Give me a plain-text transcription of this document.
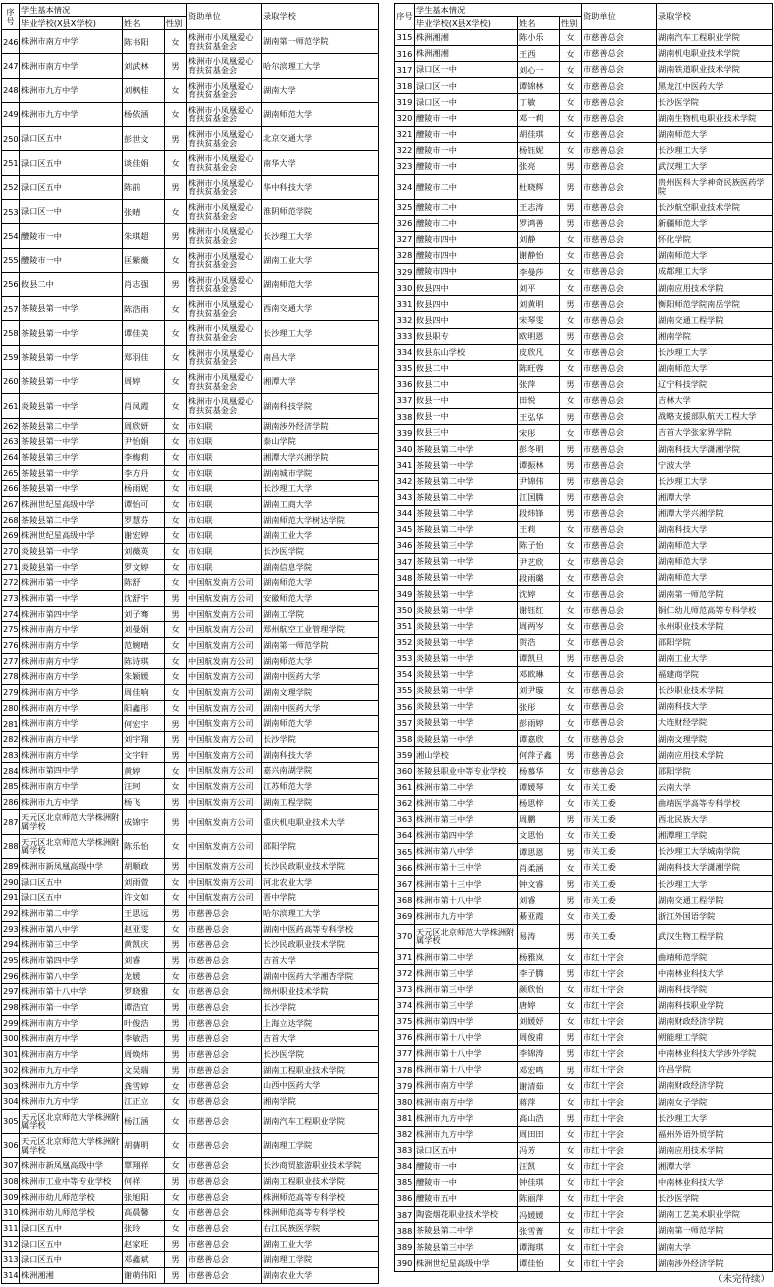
序号	学生基本情况			资助单位	录取学校
	毕业学校(X县X学校)	姓名	性别		
246	株洲市南方中学	陈书阳	女	株洲市小凤凰爱心育扶贫基金会	湖南第一师范学院
247	株洲市南方中学	刘武林	男	株洲市小凤凰爱心育扶贫基金会	哈尔滨理工大学
248	株洲市九方中学	刘枫桂	女	株洲市小凤凰爱心育扶贫基金会	湖南大学
249	株洲市九方中学	杨依涵	女	株洲市小凤凰爱心育扶贫基金会	湖南师范大学
250	渌口区五中	彭世文	男	株洲市小凤凰爱心育扶贫基金会	北京交通大学
251	渌口区五中	谈佳娟	女	株洲市小凤凰爱心育扶贫基金会	南华大学
252	渌口区五中	陈前	男	株洲市小凤凰爱心育扶贫基金会	华中科技大学
253	渌口区一中	张晴	女	株洲市小凤凰爱心育扶贫基金会	淮阴师范学院
254	醴陵市一中	朱琪超	男	株洲市小凤凰爱心育扶贫基金会	长沙理工大学
255	醴陵市一中	匡紫薇	女	株洲市小凤凰爱心育扶贫基金会	湖南工业大学
256	攸县二中	肖志强	男	株洲市小凤凰爱心育扶贫基金会	湖南师范大学
257	茶陵县第一中学	陈浩雨	女	株洲市小凤凰爱心育扶贫基金会	西南交通大学
258	茶陵县第一中学	谭佳美	女	株洲市小凤凰爱心育扶贫基金会	长沙理工大学
259	茶陵县第一中学	郑羽佳	女	株洲市小凤凰爱心育扶贫基金会	南昌大学
260	茶陵县第一中学	周婷	女	株洲市小凤凰爱心育扶贫基金会	湘潭大学
261	炎陵县第一中学	肖凤霞	女	株洲市小凤凰爱心育扶贫基金会	湖南科技学院
262	茶陵县第二中学	周欣妍	女	市妇联	湖南涉外经济学院
263	茶陵县第一中学	尹怡娟	女	市妇联	泰山学院
264	茶陵县第三中学	李梅莉	女	市妇联	湘潭大学兴湘学院
265	茶陵县第一中学	李方丹	女	市妇联	湖南城市学院
266	茶陵县第一中学	杨雨妮	女	市妇联	长沙理工大学
267	株洲世纪星高级中学	谭怡可	女	市妇联	湖南工商大学
268	茶陵县第二中学	罗慧芬	女	市妇联	湖南师范大学树达学院
269	株洲世纪星高级中学	谢宏婷	女	市妇联	湖南工业大学
270	炎陵县第一中学	刘薇英	女	市妇联	长沙医学院
271	炎陵县第一中学	罗文婷	女	市妇联	湖南信息学院
272	株洲市第一中学	陈舒	女	中国航发南方公司	湖南师范大学
273	株洲市第一中学	沈舒宇	男	中国航发南方公司	安徽师范大学
274	株洲市第四中学	刘子骞	男	中国航发南方公司	湖南工学院
275	株洲市南方中学	刘曼娟	女	中国航发南方公司	郑州航空工业管理学院
276	株洲市南方中学	范婉晴	女	中国航发南方公司	湖南第一师范学院
277	株洲市南方中学	陈诗琪	女	中国航发南方公司	湖南师范大学
278	株洲市南方中学	朱颖媛	女	中国航发南方公司	湖南中医药大学
279	株洲市南方中学	周佳响	女	中国航发南方公司	湖南文理学院
280	株洲市南方中学	阳鑫彤	女	中国航发南方公司	湖南中医药大学
281	株洲市南方中学	何宏宇	男	中国航发南方公司	湖南师范大学
282	株洲市南方中学	刘宇翔	男	中国航发南方公司	长沙学院
283	株洲市南方中学	文宇轩	男	中国航发南方公司	湖南科技大学
284	株洲市第四中学	黄婷	女	中国航发南方公司	嘉兴南湖学院
285	株洲市南方中学	汪珂	女	中国航发南方公司	江苏师范大学
286	株洲市九方中学	杨飞	男	中国航发南方公司	湖南工程学院
287	天元区北京师范大学株洲附属学校	成锦宇	男	中国航发南方公司	重庆机电职业技术大学
288	天元区北京师范大学株洲附属学校	陈乐怡	女	中国航发南方公司	邵阳学院
289	株洲市新凤凰高级中学	胡顺政	男	中国航发南方公司	长沙民政职业技术学院
290	渌口区五中	刘雨萱	女	中国航发南方公司	河北农业大学
291	渌口区五中	许文如	女	中国航发南方公司	晋中学院
292	株洲市第二中学	王思远	男	市慈善总会	哈尔滨理工大学
293	株洲市第八中学	赵亚雯	女	市慈善总会	湖南中医药高等专科学校
294	株洲市第三中学	黄凯庆	男	市慈善总会	长沙民政职业技术学院
295	株洲市第四中学	刘睿	男	市慈善总会	吉首大学
296	株洲市第八中学	龙媛	女	市慈善总会	湖南中医药大学湘杏学院
297	株洲市第十八中学	罗晓雅	女	市慈善总会	绵州职业技术学院
298	株洲市第一中学	谭浩宜	男	市慈善总会	长沙学院
299	株洲市南方中学	叶俊浩	男	市慈善总会	上海立达学院
300	株洲市南方中学	李敏浩	男	市慈善总会	吉首大学
301	株洲市南方中学	周焕炜	男	市慈善总会	长沙医学院
302	株洲市九方中学	文吴瑞	男	市慈善总会	湖南工程职业技术学院
303	株洲市九方中学	龚雪婷	女	市慈善总会	山西中医药大学
304	株洲市九方中学	江正立	女	市慈善总会	湘南学院
305	天元区北京师范大学株洲附属学校	杨江涵	女	市慈善总会	湖南汽车工程职业学院
306	天元区北京师范大学株洲附属学校	胡蒨明	女	市慈善总会	湖南理工学院
307	株洲市新凤凰高级中学	覃翔祥	女	市慈善总会	长沙商贸旅游职业技术学院
308	株洲市工业中等专业学校	何祥	男	市慈善总会	湖南工程职业技术学院
309	株洲市幼儿师范学校	张旭阳	女	市慈善总会	株洲师范高等专科学校
310	株洲市幼儿师范学校	高晨馨	女	市慈善总会	株洲师范高等专科学校
311	渌口区五中	张玲	女	市慈善总会	右江民族医学院
312	渌口区五中	赵家旺	男	市慈善总会	湖南工业大学
313	渌口区五中	邓鑫斌	男	市慈善总会	湖南理工学院
314	株洲湘湘	谢萌伟阳	男	市慈善总会	湖南农业大学
序号	学生基本情况			资助单位	录取学校
	毕业学校(X县X学校)	姓名	性别		
315	株洲湘湘	陈小乐	女	市慈善总会	湖南汽车工程职业学院
316	株洲湘湘	王西	女	市慈善总会	湖南机电职业技术学院
317	渌口区一中	刘心一	女	市慈善总会	湖南铁道职业技术学院
318	渌口区一中	谭锦林	女	市慈善总会	黑龙江中医药大学
319	渌口区一中	丁敏	女	市慈善总会	长沙医学院
320	醴陵市一中	邓一莉	女	市慈善总会	湖南生物机电职业技术学院
321	醴陵市一中	胡佳琪	女	市慈善总会	湖南师范大学
322	醴陵市一中	杨钰妮	女	市慈善总会	长沙理工大学
323	醴陵市一中	张亮	男	市慈善总会	武汉理工大学
324	醴陵市二中	杜晓辉	男	市慈善总会	贵州医科大学神奇民族医药学院
325	醴陵市二中	王志涛	男	市慈善总会	长沙航空职业技术学院
326	醴陵市二中	罗鸿善	男	市慈善总会	新疆师范大学
327	醴陵市四中	刘静	女	市慈善总会	怀化学院
328	醴陵市四中	谢静怡	女	市慈善总会	湖南师范大学
329	醴陵市四中	李曼莎	女	市慈善总会	成都理工大学
330	攸县四中	刘平	女	市慈善总会	湖南应用技术学院
331	攸县四中	刘黄明	男	市慈善总会	衡阳师范学院南岳学院
332	攸县四中	宋琴雯	女	市慈善总会	湖南交通工程学院
333	攸县职专	欧明恩	男	市慈善总会	湘南学院
334	攸县东山学校	皮欣凡	女	市慈善总会	长沙理工大学
335	攸县二中	陈旺蓉	女	市慈善总会	湖南师范大学
336	攸县二中	张萍	男	市慈善总会	辽宁科技学院
337	攸县一中	田悦	女	市慈善总会	吉林大学
338	攸县一中	王弘华	男	市慈善总会	战略支援部队航天工程大学
339	攸县三中	宋彤	女	市慈善总会	吉首大学张家界学院
340	茶陵县第二中学	彭冬明	男	市慈善总会	湖南科技大学潇湘学院
341	茶陵县第一中学	谭振林	男	市慈善总会	宁波大学
342	茶陵县第二中学	尹锦伟	男	市慈善总会	长沙理工大学
343	茶陵县第二中学	江国腾	男	市慈善总会	湘潭大学
344	茶陵县第二中学	段炜锋	男	市慈善总会	湘潭大学兴湘学院
345	茶陵县第二中学	王莉	女	市慈善总会	湖南科技大学
346	茶陵县第三中学	陈子怡	女	市慈善总会	湖南师范大学
347	茶陵县第一中学	尹艺欣	女	市慈善总会	湖南师范大学
348	茶陵县第一中学	段雨璐	女	市慈善总会	湖南师范大学
349	茶陵县第一中学	沈婷	女	市慈善总会	湖南第一师范学院
350	炎陵县第一中学	谢钰红	女	市慈善总会	铜仁幼儿师范高等专科学校
351	炎陵县第一中学	周两岑	女	市慈善总会	永州职业技术学院
352	炎陵县第一中学	贺浩	女	市慈善总会	邵阳学院
353	炎陵县第一中学	谭凯旦	男	市慈善总会	湖南工业大学
354	炎陵县第一中学	邓欧琳	女	市慈善总会	福建商学院
355	炎陵县第一中学	刘尹璇	女	市慈善总会	长沙职业技术学院
356	炎陵县第一中学	张彤	女	市慈善总会	湖南科技大学
357	炎陵县第一中学	彭雨婷	女	市慈善总会	大连财经学院
358	炎陵县第一中学	谭嘉欣	女	市慈善总会	湖南文理学院
359	湘山学校	何萍子鑫	男	市慈善总会	湖南应用技术学院
360	茶陵县职业中等专业学校	杨慕华	女	市慈善总会	邵阳学院
361	株洲市第二中学	谭媛琴	女	市关工委	云南大学
362	株洲市第二中学	杨思梓	女	市关工委	曲靖医学高等专科学校
363	株洲市第三中学	周鹏	男	市关工委	西北民族大学
364	株洲市第四中学	文思怡	女	市关工委	湘潭理工学院
365	株洲市第八中学	谭思恩	男	市关工委	长沙理工大学城南学院
366	株洲市第十三中学	肖柔涵	女	市关工委	湖南科技大学潇湘学院
367	株洲市第十三中学	钟文睿	男	市关工委	长沙理工大学
368	株洲市第十八中学	刘睿	男	市关工委	湖南交通工程学院
369	株洲市九方中学	綦亚霞	女	市关工委	浙江外国语学院
370	天元区北京师范大学株洲附属学校	易涛	男	市关工委	武汉生物工程学院
371	株洲市第二中学	杨雅岚	女	市红十字会	曲靖师范学院
372	株洲市第三中学	李子腾	男	市红十字会	中南林业科技大学
373	株洲市第三中学	颜欣怡	女	市红十字会	湖南科技学院
374	株洲市第三中学	唐婷	女	市红十字会	湖南科技职业学院
375	株洲市第四中学	刘媛妤	女	市红十字会	湖南财政经济学院
376	株洲市第十八中学	周俊甫	男	市红十字会	朔能理工学院
377	株洲市第十八中学	李锦涛	男	市红十字会	中南林业科技大学涉外学院
378	株洲市第十八中学	邓宏鸣	男	市红十字会	许昌学院
379	株洲市南方中学	谢清茹	女	市红十字会	湖南财政经济学院
380	株洲市南方中学	蒋萍	女	市红十字会	湖南女子学院
381	株洲市九方中学	高山浩	男	市红十字会	长沙理工大学
382	株洲市九方中学	周田田	女	市红十字会	福州外语外贸学院
383	渌口区五中	冯芳	女	市红十字会	湖南应用技术学院
384	醴陵市一中	汪凯	女	市红十字会	湘潭大学
385	醴陵市一中	钟佳琪	女	市红十字会	中南林业科技大学
386	醴陵市五中	陈丽萍	女	市红十字会	长沙医学院
387	陶瓷烟花职业技术学校	冯媛媛	女	市红十字会	湖南工艺美术职业学院
388	茶陵县第二中学	张雪菁	女	市红十字会	湖南第一师范学院
389	茶陵县第三中学	谭海琪	女	市红十字会	湖南大学
390	株洲世纪星高级中学	谭佳怡	女	市红十字会	湖南涉外经济学院
（未完待续）
